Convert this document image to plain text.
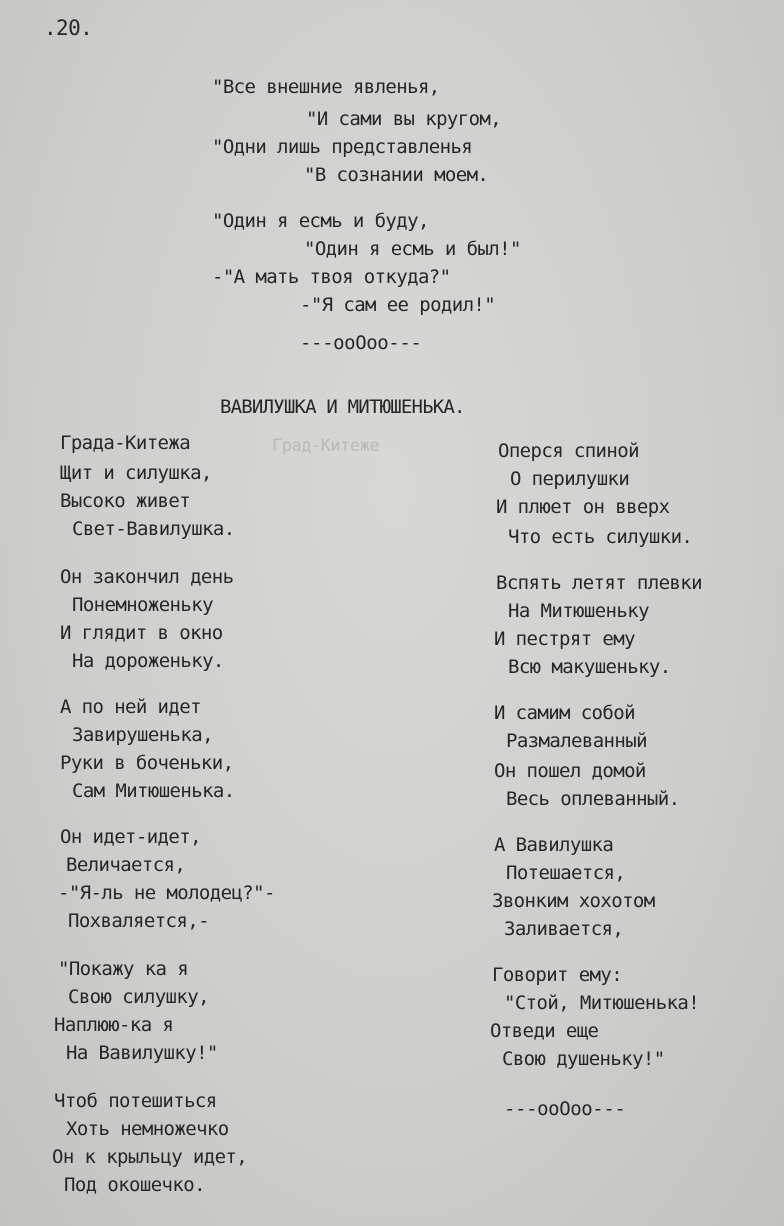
.20.
"Все внешние явленья,
"И сами вы кругом,
"Одни лишь представленья
"В сознании моем.
"Один я есмь и буду,
"Один я есмь и был!"
-"А мать твоя откуда?"
-"Я сам ее родил!"
---ooOoo---
ВАВИЛУШКА И МИТЮШЕНЬКА.
Град-Китеже
Града-Китежа
Щит и силушка,
Высоко живет
Свет-Вавилушка.
Он закончил день
Понемноженьку
И глядит в окно
На дороженьку.
А по ней идет
Завирушенька,
Руки в боченьки,
Сам Митюшенька.
Он идет-идет,
Величается,
-"Я-ль не молодец?"-
Похваляется,-
"Покажу ка я
Свою силушку,
Наплюю-ка я
На Вавилушку!"
Чтоб потешиться
Хоть немножечко
Он к крыльцу идет,
Под окошечко.
Оперся спиной
О перилушки
И плюет он вверх
Что есть силушки.
Вспять летят плевки
На Митюшеньку
И пестрят ему
Всю макушеньку.
И самим собой
Размалеванный
Он пошел домой
Весь оплеванный.
А Вавилушка
Потешается,
Звонким хохотом
Заливается,
Говорит ему:
"Стой, Митюшенька!
Отведи еще
Свою душеньку!"
---ooOoo---
